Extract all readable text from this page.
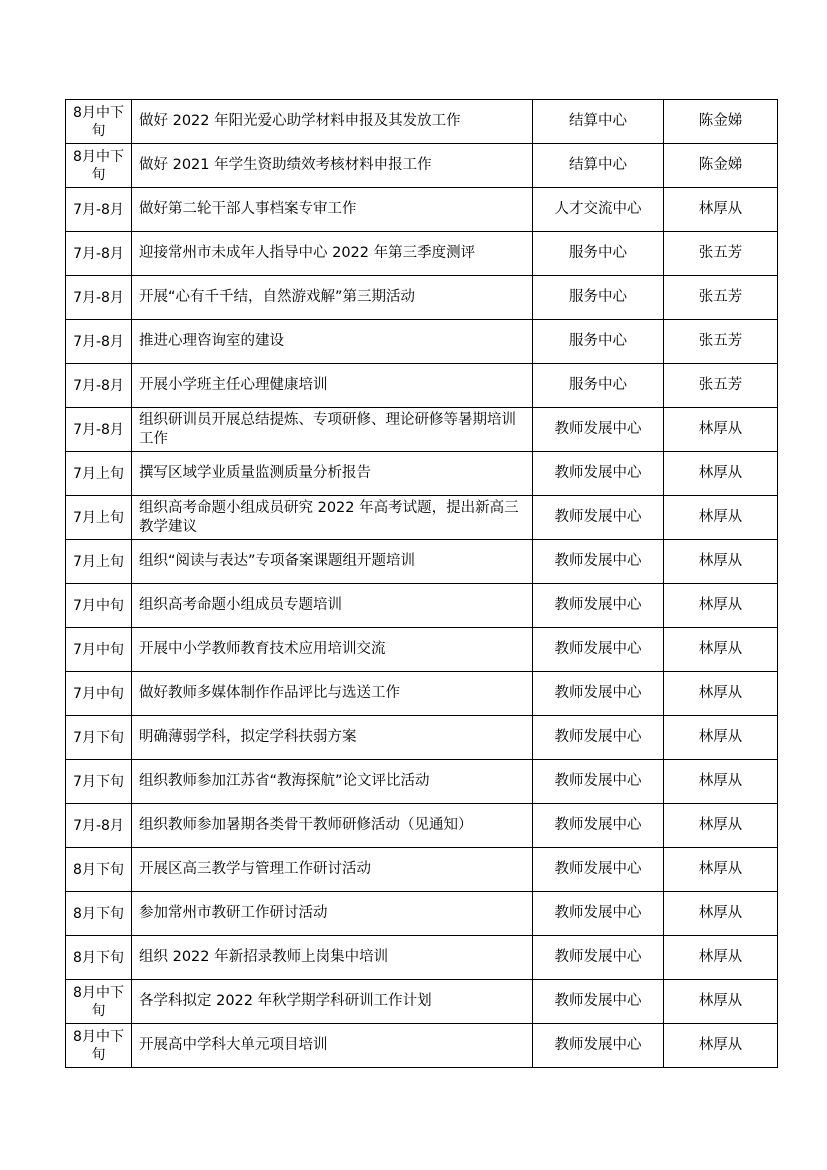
8月中下旬	做好 2022 年阳光爱心助学材料申报及其发放工作	结算中心	陈金娣
8月中下旬	做好 2021 年学生资助绩效考核材料申报工作	结算中心	陈金娣
7月-8月	做好第二轮干部人事档案专审工作	人才交流中心	林厚从
7月-8月	迎接常州市未成年人指导中心 2022 年第三季度测评	服务中心	张五芳
7月-8月	开展“心有千千结，自然游戏解”第三期活动	服务中心	张五芳
7月-8月	推进心理咨询室的建设	服务中心	张五芳
7月-8月	开展小学班主任心理健康培训	服务中心	张五芳
7月-8月	组织研训员开展总结提炼、专项研修、理论研修等暑期培训工作	教师发展中心	林厚从
7月上旬	撰写区域学业质量监测质量分析报告	教师发展中心	林厚从
7月上旬	组织高考命题小组成员研究 2022 年高考试题，提出新高三教学建议	教师发展中心	林厚从
7月上旬	组织“阅读与表达”专项备案课题组开题培训	教师发展中心	林厚从
7月中旬	组织高考命题小组成员专题培训	教师发展中心	林厚从
7月中旬	开展中小学教师教育技术应用培训交流	教师发展中心	林厚从
7月中旬	做好教师多媒体制作作品评比与选送工作	教师发展中心	林厚从
7月下旬	明确薄弱学科，拟定学科扶弱方案	教师发展中心	林厚从
7月下旬	组织教师参加江苏省“教海探航”论文评比活动	教师发展中心	林厚从
7月-8月	组织教师参加暑期各类骨干教师研修活动（见通知）	教师发展中心	林厚从
8月下旬	开展区高三教学与管理工作研讨活动	教师发展中心	林厚从
8月下旬	参加常州市教研工作研讨活动	教师发展中心	林厚从
8月下旬	组织 2022 年新招录教师上岗集中培训	教师发展中心	林厚从
8月中下旬	各学科拟定 2022 年秋学期学科研训工作计划	教师发展中心	林厚从
8月中下旬	开展高中学科大单元项目培训	教师发展中心	林厚从
